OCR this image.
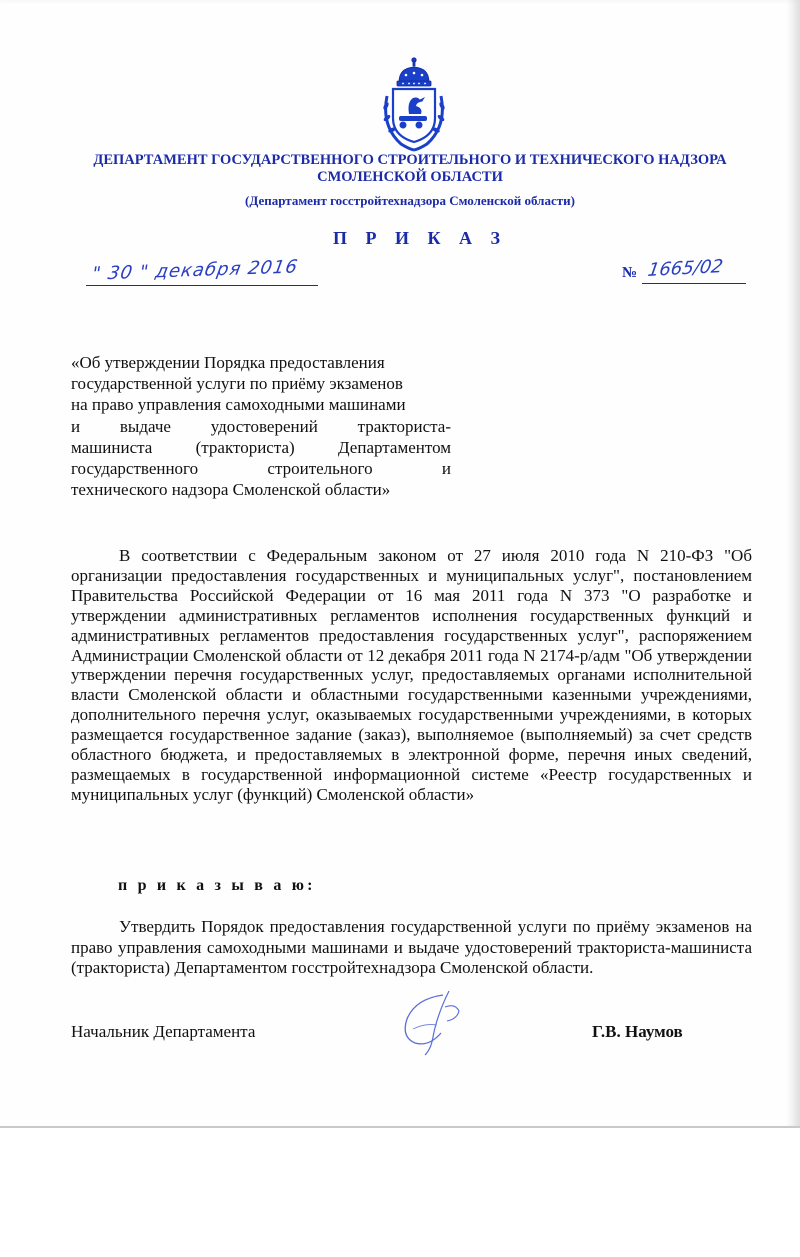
ДЕПАРТАМЕНТ ГОСУДАРСТВЕННОГО СТРОИТЕЛЬНОГО И ТЕХНИЧЕСКОГО НАДЗОРА
СМОЛЕНСКОЙ ОБЛАСТИ
(Департамент госстройтехнадзора Смоленской области)
П Р И К А З
" 30 " декабря 2016	№ 1665/02
«Об утверждении Порядка предоставления
государственной услуги по приёму экзаменов
на право управления самоходными машинами
и выдаче удостоверений тракториста-
машиниста (тракториста) Департаментом
государственного строительного и
технического надзора Смоленской области»
В соответствии с Федеральным законом от 27 июля 2010 года N 210-ФЗ "Об организации предоставления государственных и муниципальных услуг", постановлением Правительства Российской Федерации от 16 мая 2011 года N 373 "О разработке и утверждении административных регламентов исполнения государственных функций и административных регламентов предоставления государственных услуг", распоряжением Администрации Смоленской области от 12 декабря 2011 года N 2174-р/адм "Об утверждении утверждении перечня государственных услуг, предоставляемых органами исполнительной власти Смоленской области и областными государственными казенными учреждениями, дополнительного перечня услуг, оказываемых государственными учреждениями, в которых размещается государственное задание (заказ), выполняемое (выполняемый) за счет средств областного бюджета, и предоставляемых в электронной форме, перечня иных сведений, размещаемых в государственной информационной системе «Реестр государственных и муниципальных услуг (функций) Смоленской области»
п р и к а з ы в а ю:
Утвердить Порядок предоставления государственной услуги по приёму экзаменов на право управления самоходными машинами и выдаче удостоверений тракториста-машиниста (тракториста) Департаментом госстройтехнадзора Смоленской области.
Начальник Департамента	Г.В. Наумов
